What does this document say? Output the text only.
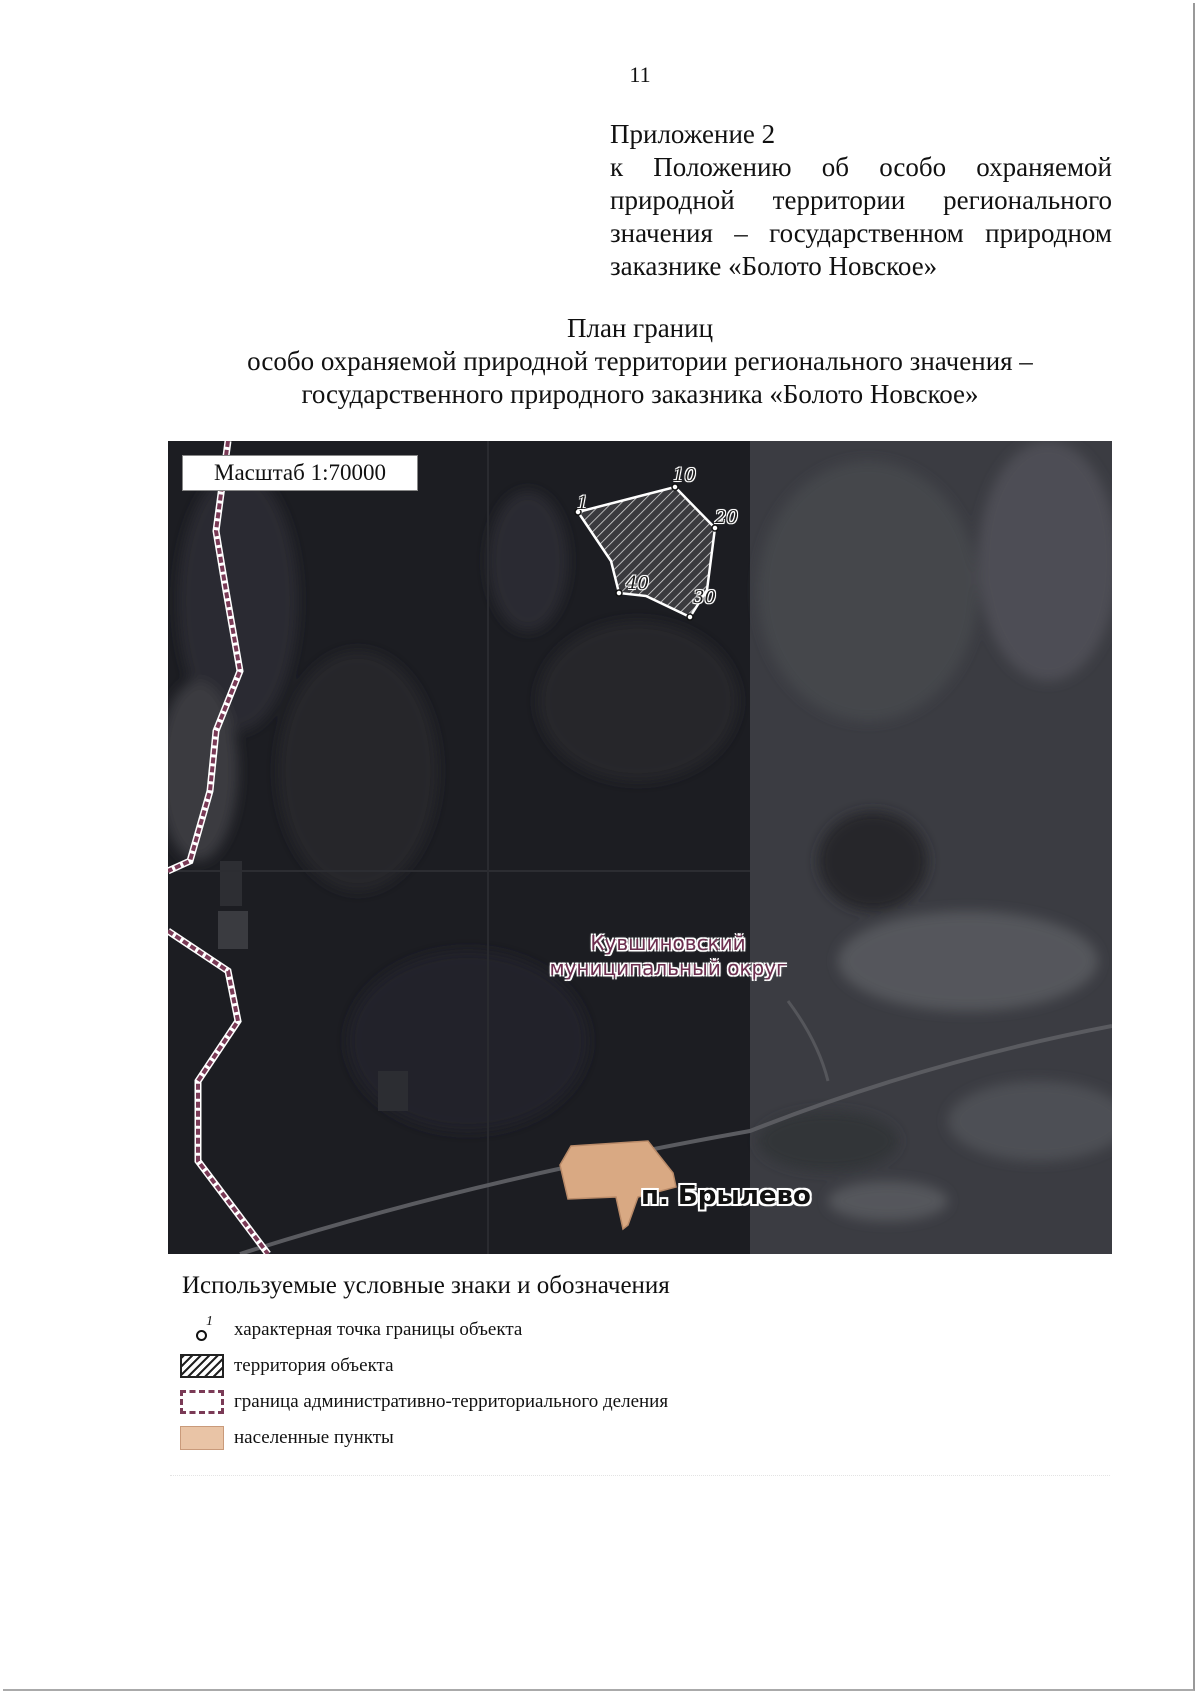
11

Приложение 2

к Положению об особо охраняемой природной территории регионального значения – государственном природном заказнике «Болото Новское»

План границ

особо охраняемой природной территории регионального значения –

государственного природного заказника «Болото Новское»

Масштаб 1:70000
1
10
20
30
40
Кувшиновский
муниципальный округ
п. Брылево

Используемые условные знаки и обозначения

1 характерная точка границы объекта
территория объекта
граница административно-территориального деления
населенные пункты
